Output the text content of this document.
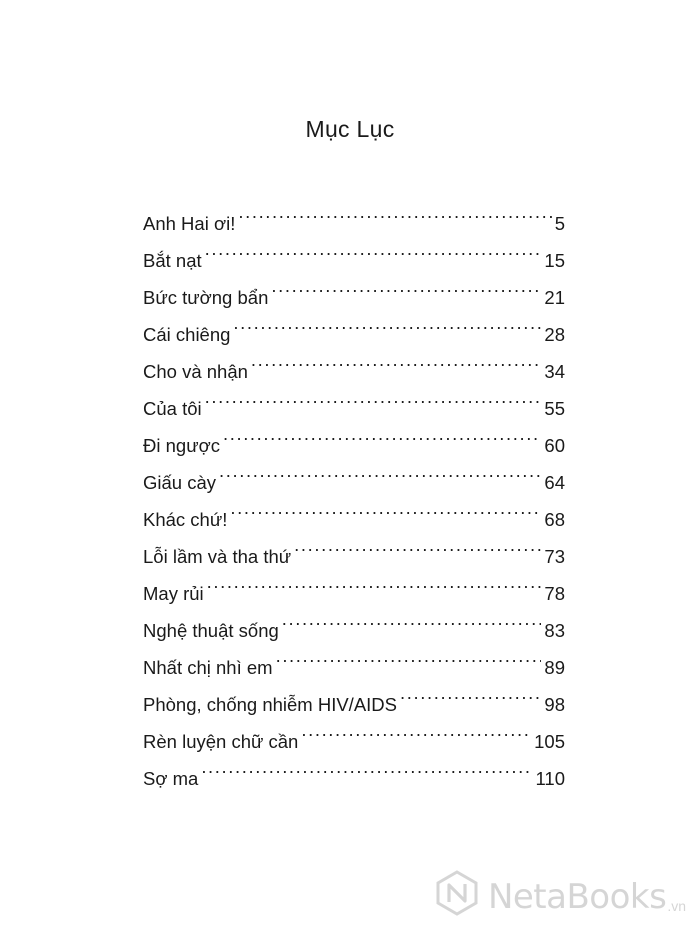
Mục Lục
Anh Hai ơi! .....	5
Bắt nạt .....	15
Bức tường bẩn .....	21
Cái chiêng .....	28
Cho và nhận .....	34
Của tôi .....	55
Đi ngược .....	60
Giấu cày .....	64
Khác chứ! .....	68
Lỗi lầm và tha thứ .....	73
May rủi .....	78
Nghệ thuật sống .....	83
Nhất chị nhì em .....	89
Phòng, chống nhiễm HIV/AIDS .....	98
Rèn luyện chữ cần .....	105
Sợ ma .....	110
NetaBooks .vn
